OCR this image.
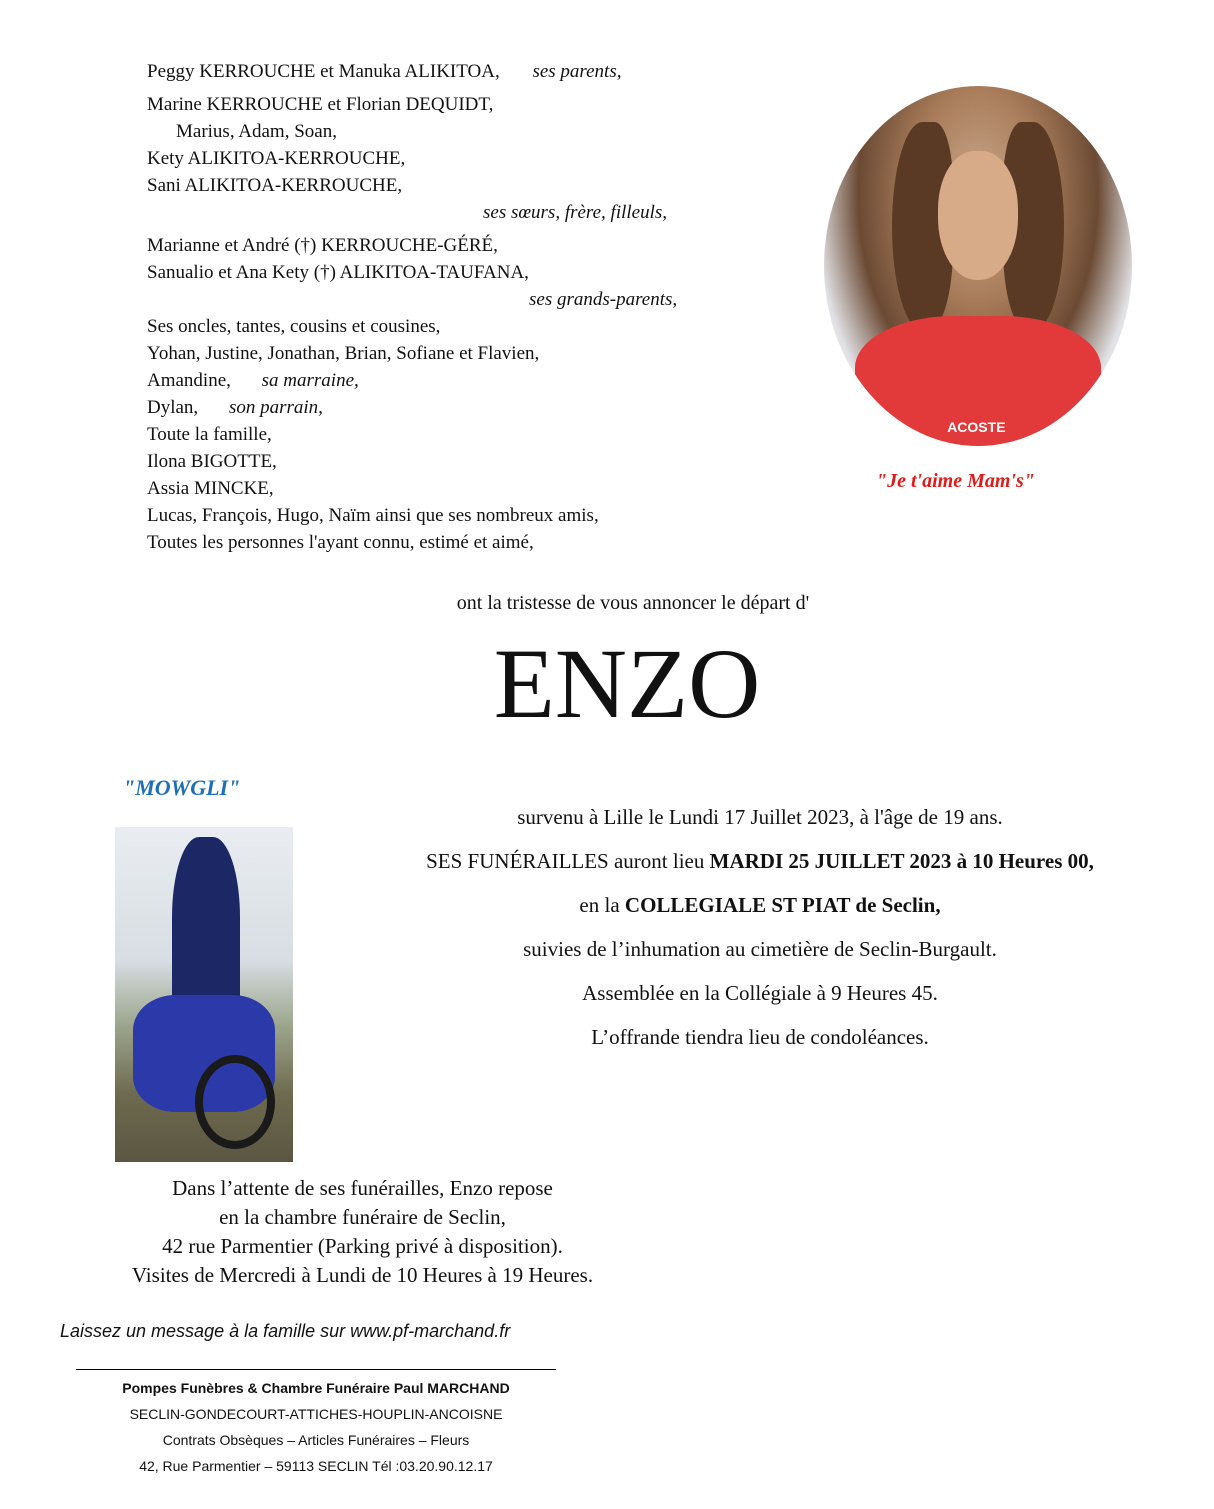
Peggy KERROUCHE et Manuka ALIKITOA, ses parents,
Marine KERROUCHE et Florian DEQUIDT,
Marius, Adam, Soan,
Kety ALIKITOA-KERROUCHE,
Sani ALIKITOA-KERROUCHE,
ses sœurs, frère, filleuls,
Marianne et André (†) KERROUCHE-GÉRÉ,
Sanualio et Ana Kety (†) ALIKITOA-TAUFANA,
ses grands-parents,
Ses oncles, tantes, cousins et cousines,
Yohan, Justine, Jonathan, Brian, Sofiane et Flavien,
Amandine, sa marraine,
Dylan, son parrain,
Toute la famille,
Ilona BIGOTTE,
Assia MINCKE,
Lucas, François, Hugo, Naïm ainsi que ses nombreux amis,
Toutes les personnes l'ayant connu, estimé et aimé,
ACOSTE
"Je t'aime Mam's"
ont la tristesse de vous annoncer le départ d'
ENZO
"MOWGLI"
survenu à Lille le Lundi 17 Juillet 2023, à l'âge de 19 ans.
SES FUNÉRAILLES auront lieu MARDI 25 JUILLET 2023 à 10 Heures 00,
en la COLLEGIALE ST PIAT de Seclin,
suivies de l’inhumation au cimetière de Seclin-Burgault.
Assemblée en la Collégiale à 9 Heures 45.
L’offrande tiendra lieu de condoléances.
Dans l’attente de ses funérailles, Enzo repose
en la chambre funéraire de Seclin,
42 rue Parmentier (Parking privé à disposition).
Visites de Mercredi à Lundi de 10 Heures à 19 Heures.
Laissez un message à la famille sur www.pf-marchand.fr
Pompes Funèbres & Chambre Funéraire Paul MARCHAND
SECLIN-GONDECOURT-ATTICHES-HOUPLIN-ANCOISNE
Contrats Obsèques – Articles Funéraires – Fleurs
42, Rue Parmentier – 59113 SECLIN Tél :03.20.90.12.17
